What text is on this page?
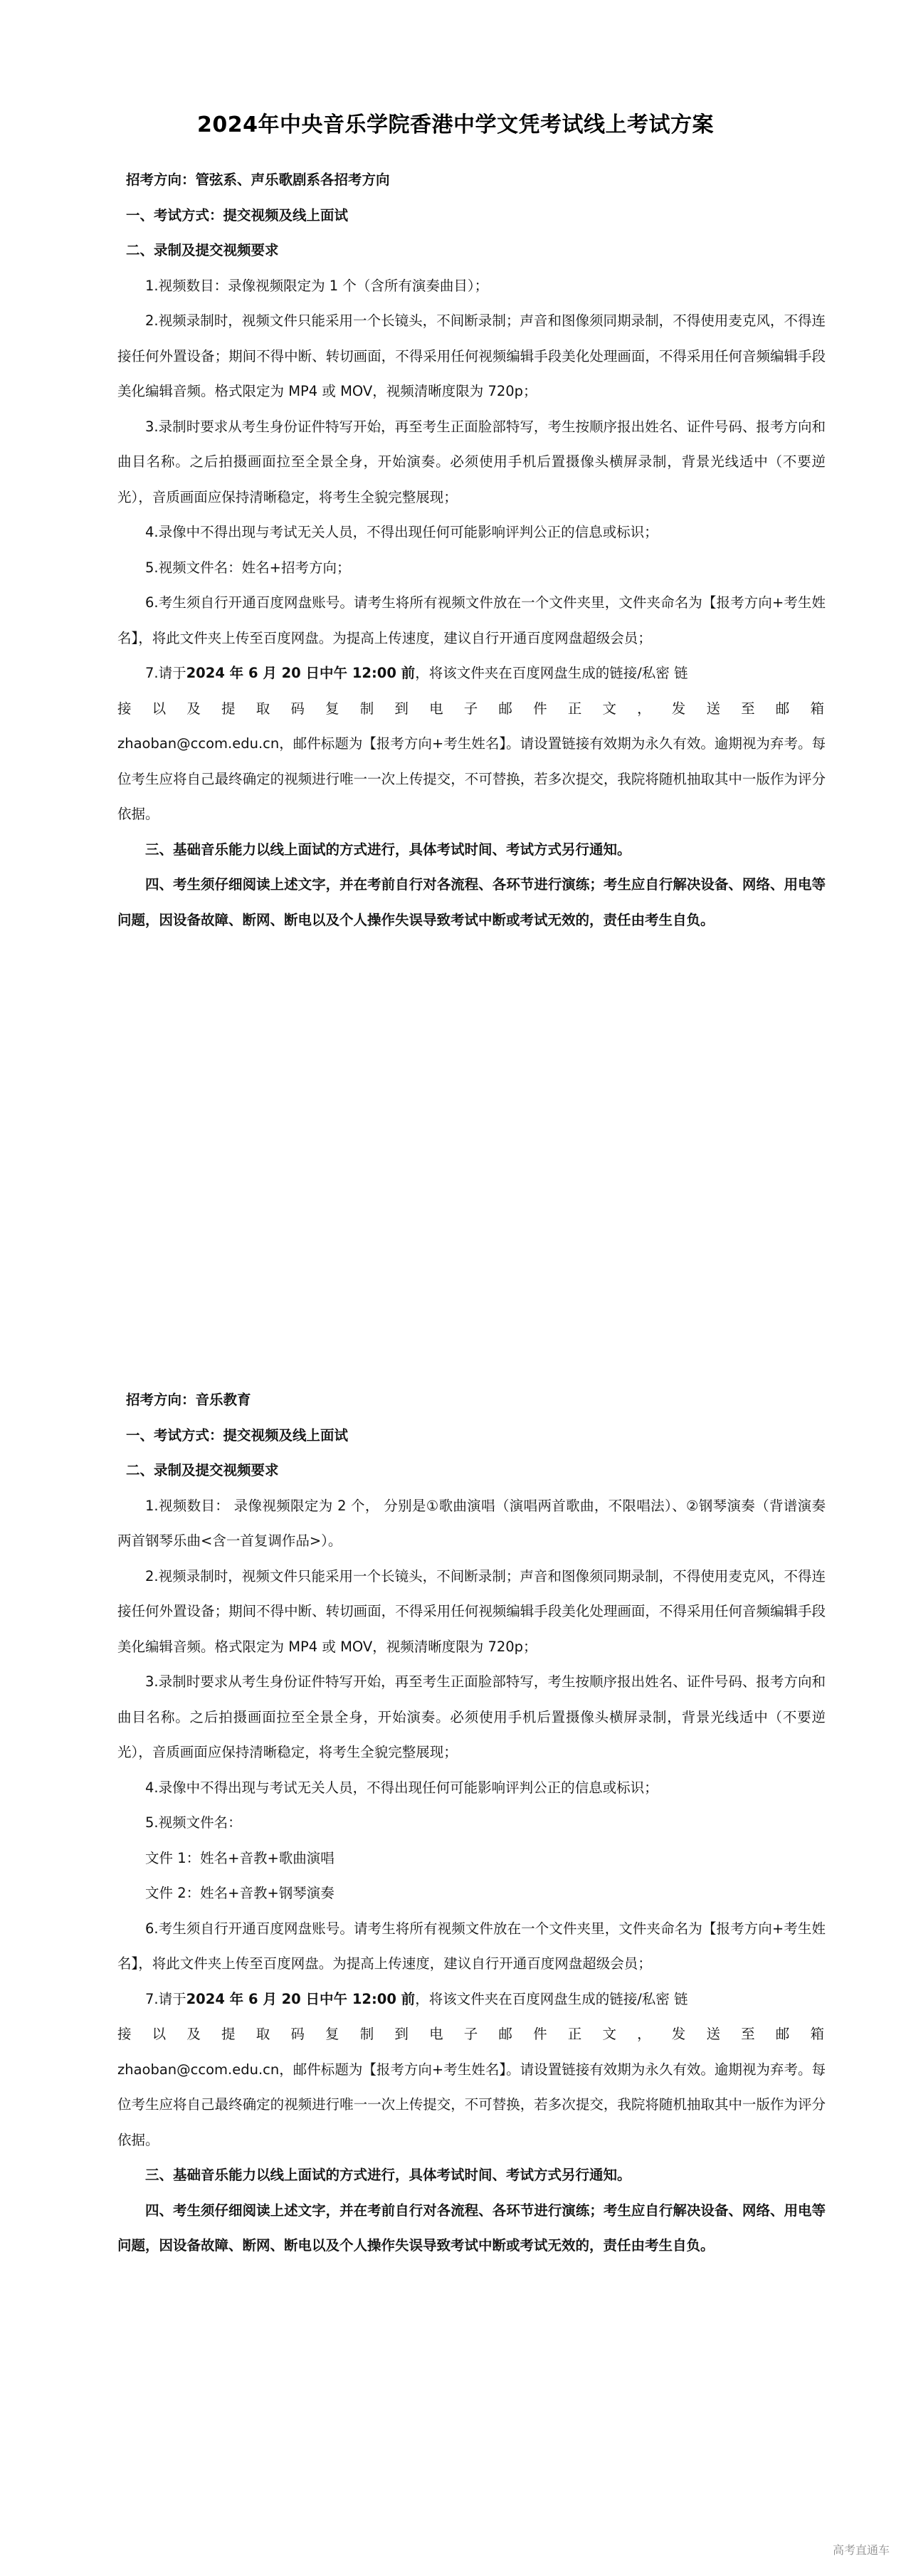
2024年中央音乐学院香港中学文凭考试线上考试方案

招考方向：管弦系、声乐歌剧系各招考方向

一、考试方式：提交视频及线上面试

二、录制及提交视频要求

1.视频数目：录像视频限定为 1 个（含所有演奏曲目）；

2.视频录制时，视频文件只能采用一个长镜头，不间断录制；声音和图像须同期录制，不得使用麦克风，不得连接任何外置设备；期间不得中断、转切画面，不得采用任何视频编辑手段美化处理画面，不得采用任何音频编辑手段美化编辑音频。格式限定为 MP4 或 MOV，视频清晰度限为 720p；

3.录制时要求从考生身份证件特写开始，再至考生正面脸部特写，考生按顺序报出姓名、证件号码、报考方向和曲目名称。之后拍摄画面拉至全景全身，开始演奏。必须使用手机后置摄像头横屏录制，背景光线适中（不要逆光），音质画面应保持清晰稳定，将考生全貌完整展现；

4.录像中不得出现与考试无关人员，不得出现任何可能影响评判公正的信息或标识；

5.视频文件名：姓名+招考方向；

6.考生须自行开通百度网盘账号。请考生将所有视频文件放在一个文件夹里，文件夹命名为【报考方向+考生姓名】，将此文件夹上传至百度网盘。为提高上传速度，建议自行开通百度网盘超级会员；

7.请于2024 年 6 月 20 日中午 12:00 前，将该文件夹在百度网盘生成的链接/私密 链

接以及提取码复制到电子邮件正文，发送至邮箱

zhaoban@ccom.edu.cn，邮件标题为【报考方向+考生姓名】。请设置链接有效期为永久有效。逾期视为弃考。每位考生应将自己最终确定的视频进行唯一一次上传提交，不可替换，若多次提交，我院将随机抽取其中一版作为评分依据。

三、基础音乐能力以线上面试的方式进行，具体考试时间、考试方式另行通知。

四、考生须仔细阅读上述文字，并在考前自行对各流程、各环节进行演练；考生应自行解决设备、网络、用电等问题，因设备故障、断网、断电以及个人操作失误导致考试中断或考试无效的，责任由考生自负。

招考方向：音乐教育

一、考试方式：提交视频及线上面试

二、录制及提交视频要求

1.视频数目： 录像视频限定为 2 个， 分别是①歌曲演唱（演唱两首歌曲，不限唱法）、②钢琴演奏（背谱演奏两首钢琴乐曲<含一首复调作品>）。

2.视频录制时，视频文件只能采用一个长镜头，不间断录制；声音和图像须同期录制，不得使用麦克风，不得连接任何外置设备；期间不得中断、转切画面，不得采用任何视频编辑手段美化处理画面，不得采用任何音频编辑手段美化编辑音频。格式限定为 MP4 或 MOV，视频清晰度限为 720p；

3.录制时要求从考生身份证件特写开始，再至考生正面脸部特写，考生按顺序报出姓名、证件号码、报考方向和曲目名称。之后拍摄画面拉至全景全身，开始演奏。必须使用手机后置摄像头横屏录制，背景光线适中（不要逆光），音质画面应保持清晰稳定，将考生全貌完整展现；

4.录像中不得出现与考试无关人员，不得出现任何可能影响评判公正的信息或标识；

5.视频文件名：

文件 1：姓名+音教+歌曲演唱

文件 2：姓名+音教+钢琴演奏

6.考生须自行开通百度网盘账号。请考生将所有视频文件放在一个文件夹里，文件夹命名为【报考方向+考生姓名】，将此文件夹上传至百度网盘。为提高上传速度，建议自行开通百度网盘超级会员；

7.请于2024 年 6 月 20 日中午 12:00 前，将该文件夹在百度网盘生成的链接/私密 链

接以及提取码复制到电子邮件正文，发送至邮箱

zhaoban@ccom.edu.cn，邮件标题为【报考方向+考生姓名】。请设置链接有效期为永久有效。逾期视为弃考。每位考生应将自己最终确定的视频进行唯一一次上传提交，不可替换，若多次提交，我院将随机抽取其中一版作为评分依据。

三、基础音乐能力以线上面试的方式进行，具体考试时间、考试方式另行通知。

四、考生须仔细阅读上述文字，并在考前自行对各流程、各环节进行演练；考生应自行解决设备、网络、用电等问题，因设备故障、断网、断电以及个人操作失误导致考试中断或考试无效的，责任由考生自负。

高考直通车
